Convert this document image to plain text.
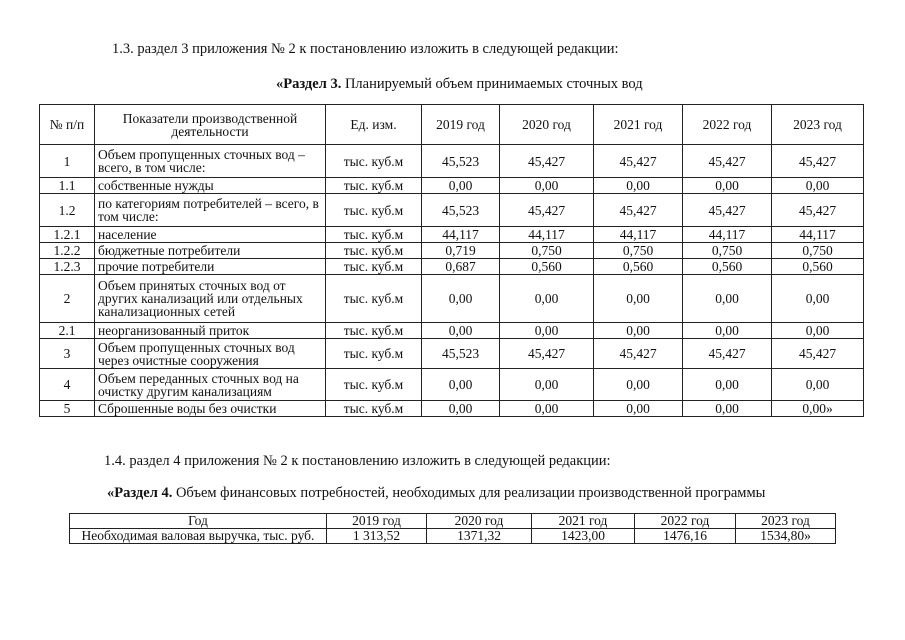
1.3. раздел 3 приложения № 2 к постановлению изложить в следующей редакции:
«Раздел 3. Планируемый объем принимаемых сточных вод
№ п/п	Показатели производственной деятельности	Ед. изм.	2019 год	2020 год	2021 год	2022 год	2023 год
1	Объем пропущенных сточных вод – всего, в том числе:	тыс. куб.м	45,523	45,427	45,427	45,427	45,427
1.1	собственные нужды	тыс. куб.м	0,00	0,00	0,00	0,00	0,00
1.2	по категориям потребителей – всего, в том числе:	тыс. куб.м	45,523	45,427	45,427	45,427	45,427
1.2.1	население	тыс. куб.м	44,117	44,117	44,117	44,117	44,117
1.2.2	бюджетные потребители	тыс. куб.м	0,719	0,750	0,750	0,750	0,750
1.2.3	прочие потребители	тыс. куб.м	0,687	0,560	0,560	0,560	0,560
2	Объем принятых сточных вод от других канализаций или отдельных канализационных сетей	тыс. куб.м	0,00	0,00	0,00	0,00	0,00
2.1	неорганизованный приток	тыс. куб.м	0,00	0,00	0,00	0,00	0,00
3	Объем пропущенных сточных вод через очистные сооружения	тыс. куб.м	45,523	45,427	45,427	45,427	45,427
4	Объем переданных сточных вод на очистку другим канализациям	тыс. куб.м	0,00	0,00	0,00	0,00	0,00
5	Сброшенные воды без очистки	тыс. куб.м	0,00	0,00	0,00	0,00	0,00»
1.4. раздел 4 приложения № 2 к постановлению изложить в следующей редакции:
«Раздел 4. Объем финансовых потребностей, необходимых для реализации производственной программы
Год	2019 год	2020 год	2021 год	2022 год	2023 год
Необходимая валовая выручка, тыс. руб.	1 313,52	1371,32	1423,00	1476,16	1534,80»
